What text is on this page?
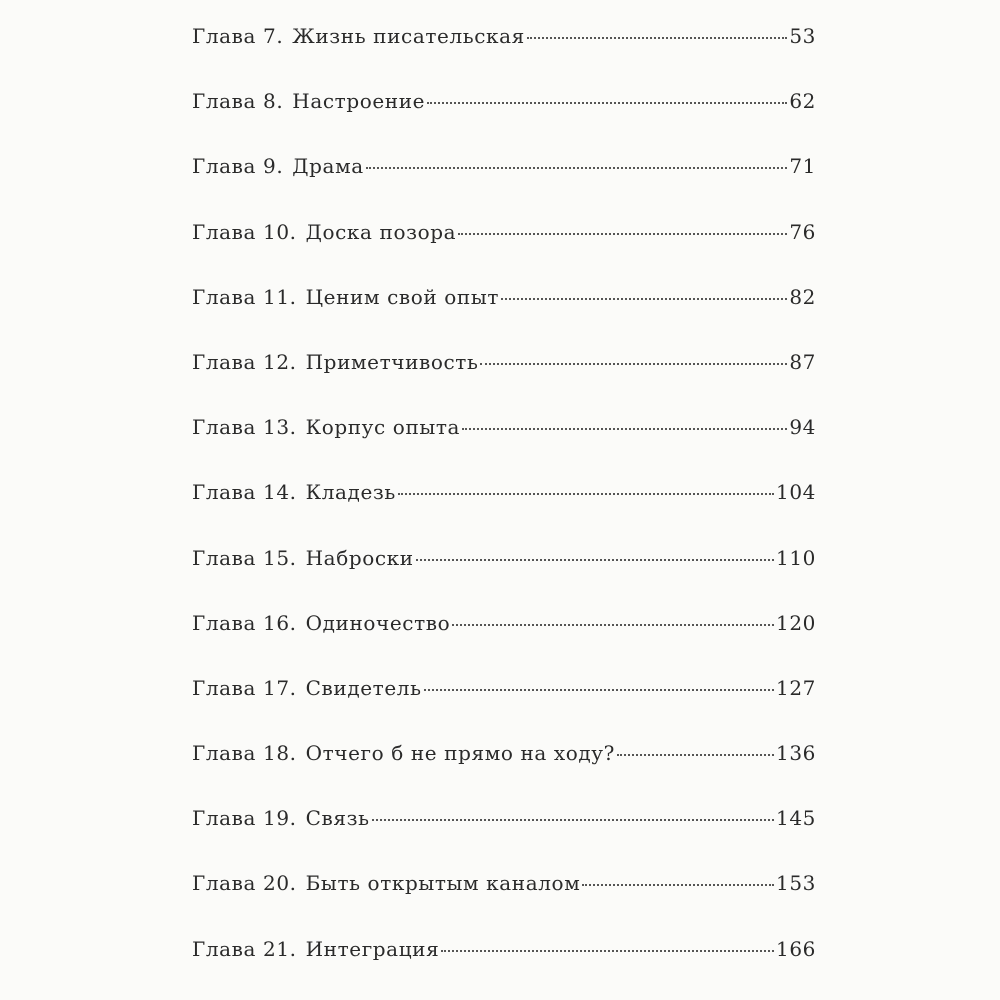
Глава 7. Жизнь писательская	53
Глава 8. Настроение	62
Глава 9. Драма	71
Глава 10. Доска позора	76
Глава 11. Ценим свой опыт	82
Глава 12. Приметчивость	87
Глава 13. Корпус опыта	94
Глава 14. Кладезь	104
Глава 15. Наброски	110
Глава 16. Одиночество	120
Глава 17. Свидетель	127
Глава 18. Отчего б не прямо на ходу?	136
Глава 19. Связь	145
Глава 20. Быть открытым каналом	153
Глава 21. Интеграция	166
